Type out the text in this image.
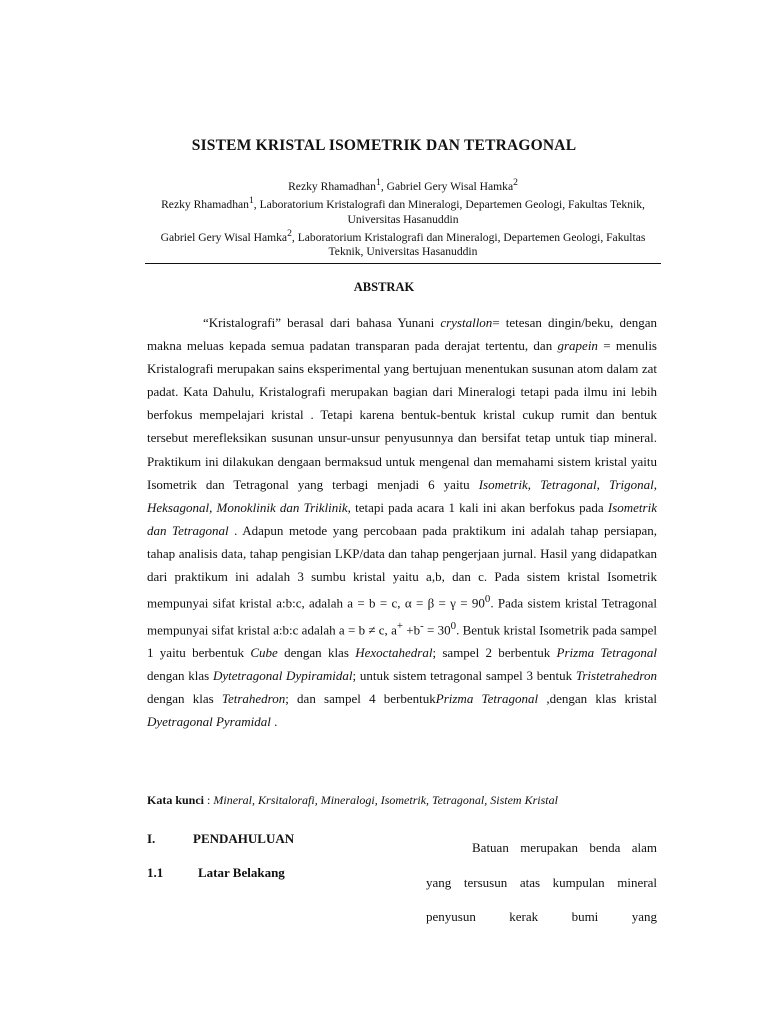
SISTEM KRISTAL ISOMETRIK DAN TETRAGONAL
Rezky Rhamadhan$^1$, Gabriel Gery Wisal Hamka$^2$
Rezky Rhamadhan$^1$, Laboratorium Kristalografi dan Mineralogi, Departemen Geologi, Fakultas Teknik, Universitas Hasanuddin
Gabriel Gery Wisal Hamka$^2$, Laboratorium Kristalografi dan Mineralogi, Departemen Geologi, Fakultas Teknik, Universitas Hasanuddin
ABSTRAK

“Kristalografi” berasal dari bahasa Yunani crystallon= tetesan dingin/beku, dengan makna meluas kepada semua padatan transparan pada derajat tertentu, dan grapein = menulis Kristalografi merupakan sains eksperimental yang bertujuan menentukan susunan atom dalam zat padat. Kata Dahulu, Kristalografi merupakan bagian dari Mineralogi tetapi pada ilmu ini lebih berfokus mempelajari kristal . Tetapi karena bentuk-bentuk kristal cukup rumit dan bentuk tersebut merefleksikan susunan unsur-unsur penyusunnya dan bersifat tetap untuk tiap mineral. Praktikum ini dilakukan dengaan bermaksud untuk mengenal dan memahami sistem kristal yaitu Isometrik dan Tetragonal yang terbagi menjadi 6 yaitu Isometrik, Tetragonal, Trigonal, Heksagonal, Monoklinik dan Triklinik, tetapi pada acara 1 kali ini akan berfokus pada Isometrik dan Tetragonal . Adapun metode yang percobaan pada praktikum ini adalah tahap persiapan, tahap analisis data, tahap pengisian LKP/data dan tahap pengerjaan jurnal. Hasil yang didapatkan dari praktikum ini adalah 3 sumbu kristal yaitu a,b, dan c. Pada sistem kristal Isometrik mempunyai sifat kristal a:b:c, adalah a = b = c, $\alpha = \beta = \gamma = 90^0$. Pada sistem kristal Tetragonal mempunyai sifat kristal a:b:c adalah a = b ≠ c, $a^+ +b^- = 30^0$. Bentuk kristal Isometrik pada sampel 1 yaitu berbentuk Cube dengan klas Hexoctahedral; sampel 2 berbentuk Prizma Tetragonal dengan klas Dytetragonal Dypiramidal; untuk sistem tetragonal sampel 3 bentuk Tristetrahedron dengan klas Tetrahedron; dan sampel 4 berbentukPrizma Tetragonal ,dengan klas kristal Dyetragonal Pyramidal .

Kata kunci : Mineral, Krsitalorafi, Mineralogi, Isometrik, Tetragonal, Sistem Kristal
I.	PENDAHULUAN
1.1	Latar Belakang

Batuan merupakan benda alam yang tersusun atas kumpulan mineral penyusun kerak bumi yang
